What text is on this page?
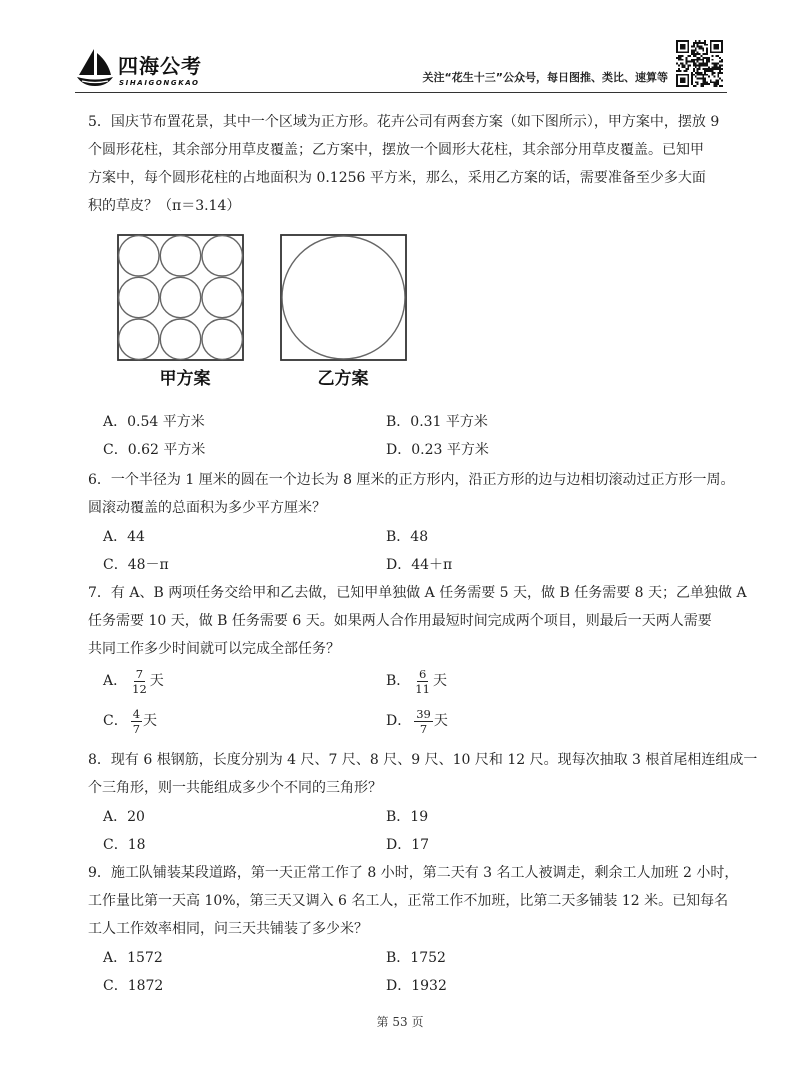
四海公考
SIHAIGONGKAO	关注“花生十三”公众号，每日图推、类比、速算等
5．国庆节布置花景，其中一个区域为正方形。花卉公司有两套方案（如下图所示），甲方案中，摆放 9
个圆形花柱，其余部分用草皮覆盖；乙方案中，摆放一个圆形大花柱，其余部分用草皮覆盖。已知甲
方案中，每个圆形花柱的占地面积为 0.1256 平方米，那么，采用乙方案的话，需要准备至少多大面
积的草皮？（π＝3.14）
甲方案	乙方案
A．0.54 平方米	B．0.31 平方米
C．0.62 平方米	D．0.23 平方米
6．一个半径为 1 厘米的圆在一个边长为 8 厘米的正方形内，沿正方形的边与边相切滚动过正方形一周。
圆滚动覆盖的总面积为多少平方厘米？
A．44	B．48
C．48－π	D．44＋π
7．有 A、B 两项任务交给甲和乙去做，已知甲单独做 A 任务需要 5 天，做 B 任务需要 8 天；乙单独做 A
任务需要 10 天，做 B 任务需要 6 天。如果两人合作用最短时间完成两个项目，则最后一天两人需要
共同工作多少时间就可以完成全部任务？
A． $\frac{7}{12}$ 天	B． $\frac{6}{11}$ 天
C． $\frac{4}{7}$ 天	D． $\frac{39}{7}$ 天
8．现有 6 根钢筋，长度分别为 4 尺、7 尺、8 尺、9 尺、10 尺和 12 尺。现每次抽取 3 根首尾相连组成一
个三角形，则一共能组成多少个不同的三角形？
A．20	B．19
C．18	D．17
9．施工队铺装某段道路，第一天正常工作了 8 小时，第二天有 3 名工人被调走，剩余工人加班 2 小时，
工作量比第一天高 10%，第三天又调入 6 名工人，正常工作不加班，比第二天多铺装 12 米。已知每名
工人工作效率相同，问三天共铺装了多少米？
A．1572	B．1752
C．1872	D．1932
第 53 页
